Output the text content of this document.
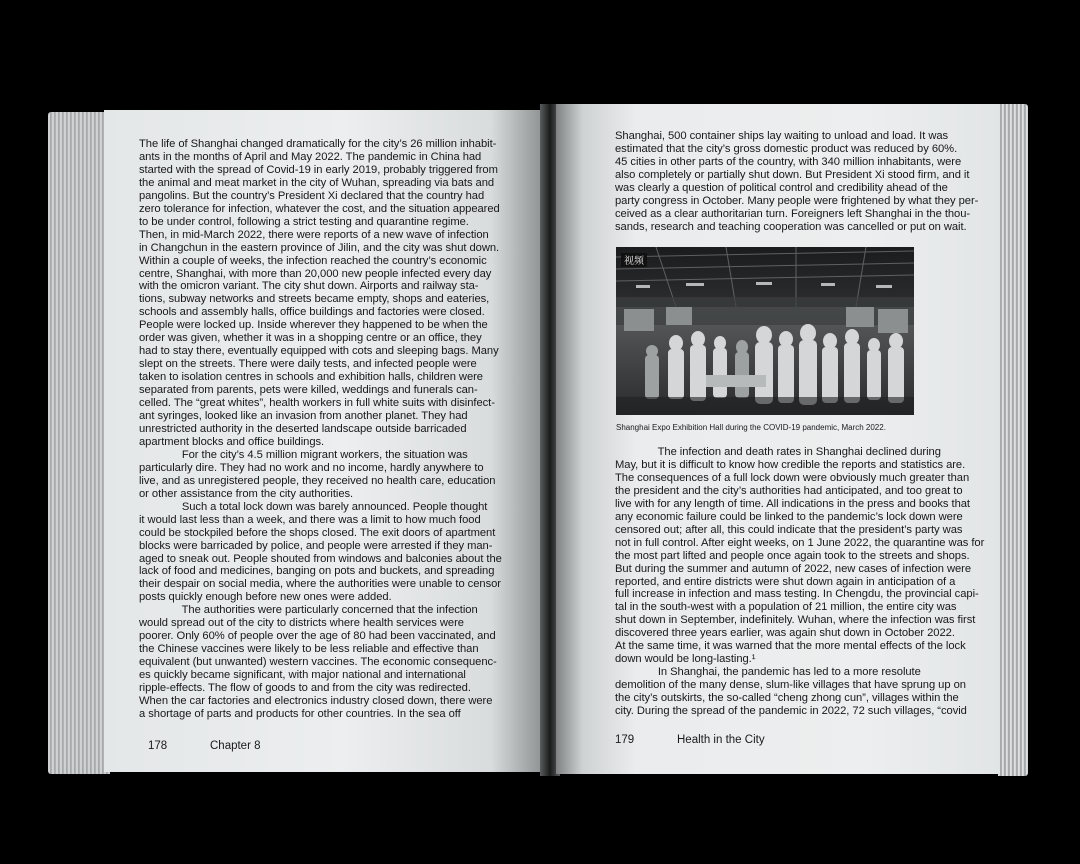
The life of Shanghai changed dramatically for the city’s 26 million inhabit-
ants in the months of April and May 2022. The pandemic in China had
started with the spread of Covid-19 in early 2019, probably triggered from
the animal and meat market in the city of Wuhan, spreading via bats and
pangolins. But the country’s President Xi declared that the country had
zero tolerance for infection, whatever the cost, and the situation appeared
to be under control, following a strict testing and quarantine regime.
Then, in mid-March 2022, there were reports of a new wave of infection
in Changchun in the eastern province of Jilin, and the city was shut down.
Within a couple of weeks, the infection reached the country’s economic
centre, Shanghai, with more than 20,000 new people infected every day
with the omicron variant. The city shut down. Airports and railway sta-
tions, subway networks and streets became empty, shops and eateries,
schools and assembly halls, office buildings and factories were closed.
People were locked up. Inside wherever they happened to be when the
order was given, whether it was in a shopping centre or an office, they
had to stay there, eventually equipped with cots and sleeping bags. Many
slept on the streets. There were daily tests, and infected people were
taken to isolation centres in schools and exhibition halls, children were
separated from parents, pets were killed, weddings and funerals can-
celled. The “great whites”, health workers in full white suits with disinfect-
ant syringes, looked like an invasion from another planet. They had
unrestricted authority in the deserted landscape outside barricaded
apartment blocks and office buildings.
For the city’s 4.5 million migrant workers, the situation was
particularly dire. They had no work and no income, hardly anywhere to
live, and as unregistered people, they received no health care, education
or other assistance from the city authorities.
Such a total lock down was barely announced. People thought
it would last less than a week, and there was a limit to how much food
could be stockpiled before the shops closed. The exit doors of apartment
blocks were barricaded by police, and people were arrested if they man-
aged to sneak out. People shouted from windows and balconies about the
lack of food and medicines, banging on pots and buckets, and spreading
their despair on social media, where the authorities were unable to censor
posts quickly enough before new ones were added.
The authorities were particularly concerned that the infection
would spread out of the city to districts where health services were
poorer. Only 60% of people over the age of 80 had been vaccinated, and
the Chinese vaccines were likely to be less reliable and effective than
equivalent (but unwanted) western vaccines. The economic consequenc-
es quickly became significant, with major national and international
ripple-effects. The flow of goods to and from the city was redirected.
When the car factories and electronics industry closed down, there were
a shortage of parts and products for other countries. In the sea off
178	Chapter 8
Shanghai, 500 container ships lay waiting to unload and load. It was
estimated that the city’s gross domestic product was reduced by 60%.
45 cities in other parts of the country, with 340 million inhabitants, were
also completely or partially shut down. But President Xi stood firm, and it
was clearly a question of political control and credibility ahead of the
party congress in October. Many people were frightened by what they per-
ceived as a clear authoritarian turn. Foreigners left Shanghai in the thou-
sands, research and teaching cooperation was cancelled or put on wait.
视频
Shanghai Expo Exhibition Hall during the COVID-19 pandemic, March 2022.
The infection and death rates in Shanghai declined during
May, but it is difficult to know how credible the reports and statistics are.
The consequences of a full lock down were obviously much greater than
the president and the city’s authorities had anticipated, and too great to
live with for any length of time. All indications in the press and books that
any economic failure could be linked to the pandemic’s lock down were
censored out; after all, this could indicate that the president’s party was
not in full control. After eight weeks, on 1 June 2022, the quarantine was for
the most part lifted and people once again took to the streets and shops.
But during the summer and autumn of 2022, new cases of infection were
reported, and entire districts were shut down again in anticipation of a
full increase in infection and mass testing. In Chengdu, the provincial capi-
tal in the south-west with a population of 21 million, the entire city was
shut down in September, indefinitely. Wuhan, where the infection was first
discovered three years earlier, was again shut down in October 2022.
At the same time, it was warned that the more mental effects of the lock
down would be long-lasting.¹
In Shanghai, the pandemic has led to a more resolute
demolition of the many dense, slum-like villages that have sprung up on
the city’s outskirts, the so-called “cheng zhong cun”, villages within the
city. During the spread of the pandemic in 2022, 72 such villages, “covid
179	Health in the City
